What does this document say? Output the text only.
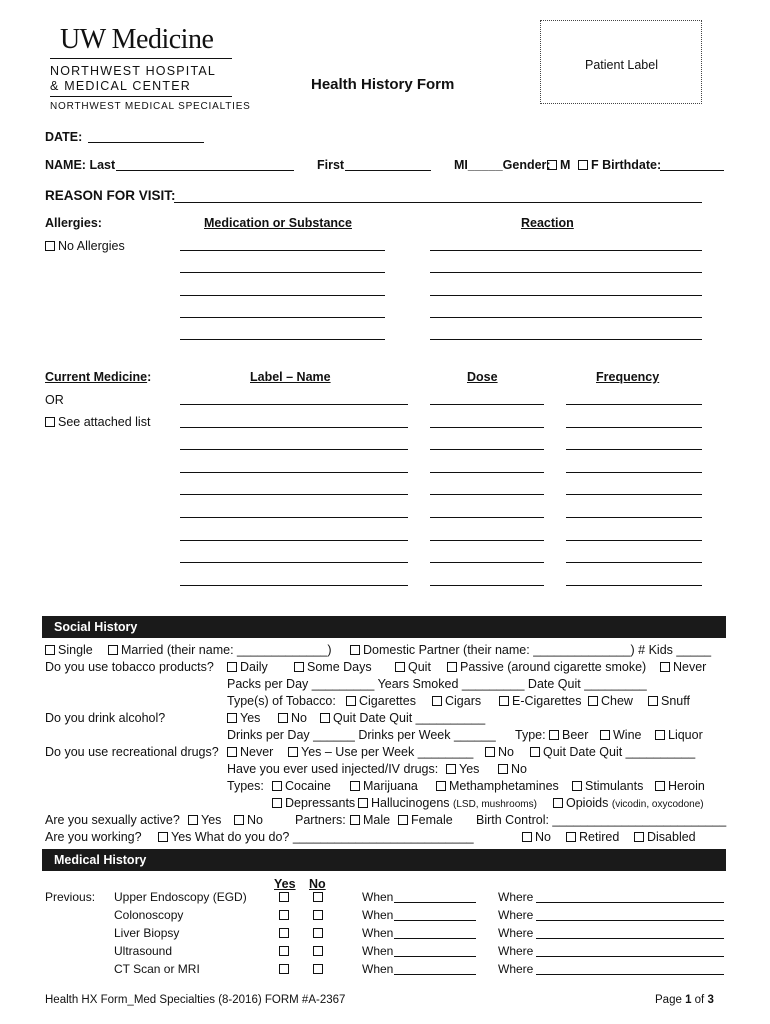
UW Medicine
NORTHWEST HOSPITAL
& MEDICAL CENTER
NORTHWEST MEDICAL SPECIALTIES
Health History Form
Patient Label
DATE:
NAME: Last	First	MI_____Gender: M	F Birthdate:
REASON FOR VISIT:
Allergies:	Medication or Substance	Reaction
No Allergies
Current Medicine:	Label – Name	Dose	Frequency
OR
See attached list
Social History
Single	Married (their name: _____________)	Domestic Partner (their name: ______________) # Kids _____
Do you use tobacco products?	Daily	Some Days	Quit	Passive (around cigarette smoke)	Never
Packs per Day _________ Years Smoked _________ Date Quit _________
Type(s) of Tobacco:	Cigarettes	Cigars	E-Cigarettes	Chew	Snuff
Do you drink alcohol?	Yes	No	Quit Date Quit __________
Drinks per Day ______ Drinks per Week ______ Type:	Beer	Wine	Liquor
Do you use recreational drugs?	Never	Yes – Use per Week ________	No	Quit Date Quit __________
Have you ever used injected/IV drugs:	Yes	No
Types:	Cocaine	Marijuana	Methamphetamines	Stimulants	Heroin
Depressants	Hallucinogens (LSD, mushrooms)	Opioids (vicodin, oxycodone)
Are you sexually active?	Yes	No	Partners:	Male	Female Birth Control: _________________________
Are you working?	Yes What do you do? __________________________	No	Retired	Disabled
Medical History
Yes No
Previous: Upper Endoscopy (EGD)	When	Where
Colonoscopy	When	Where
Liver Biopsy	When	Where
Ultrasound	When	Where
CT Scan or MRI	When	Where
Health HX Form_Med Specialties (8-2016) FORM #A-2367	Page 1 of 3
